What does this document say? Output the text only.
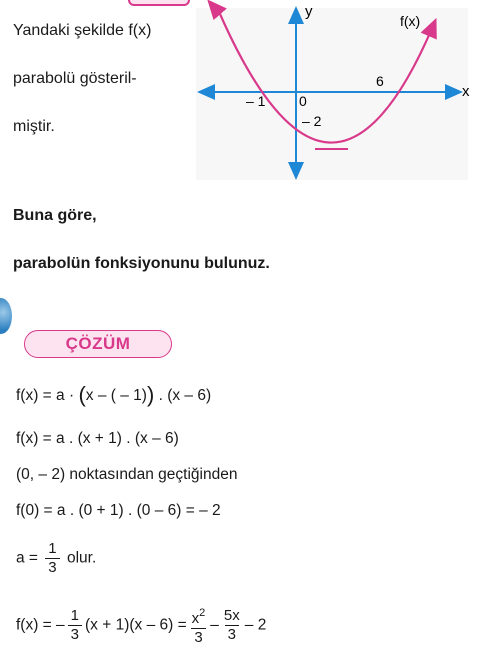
Yandaki şekilde f(x)
parabolü gösteril-
miştir.
y
x
f(x)
– 1
6
0
– 2
Buna göre,
parabolün fonksiyonunu bulunuz.
ÇÖZÜM
f(x) = a · (x – ( – 1)) . (x – 6)
f(x) = a . (x + 1) . (x – 6)
(0, – 2) noktasından geçtiğinden
f(0) = a . (0 + 1) . (0 – 6) = – 2
$a = \frac{1}{3}$ olur.
f(x) = – $\frac{1}{3} (x + 1)(x - 6) = \frac{x^2}{3} - \frac{5x}{3} - 2$
